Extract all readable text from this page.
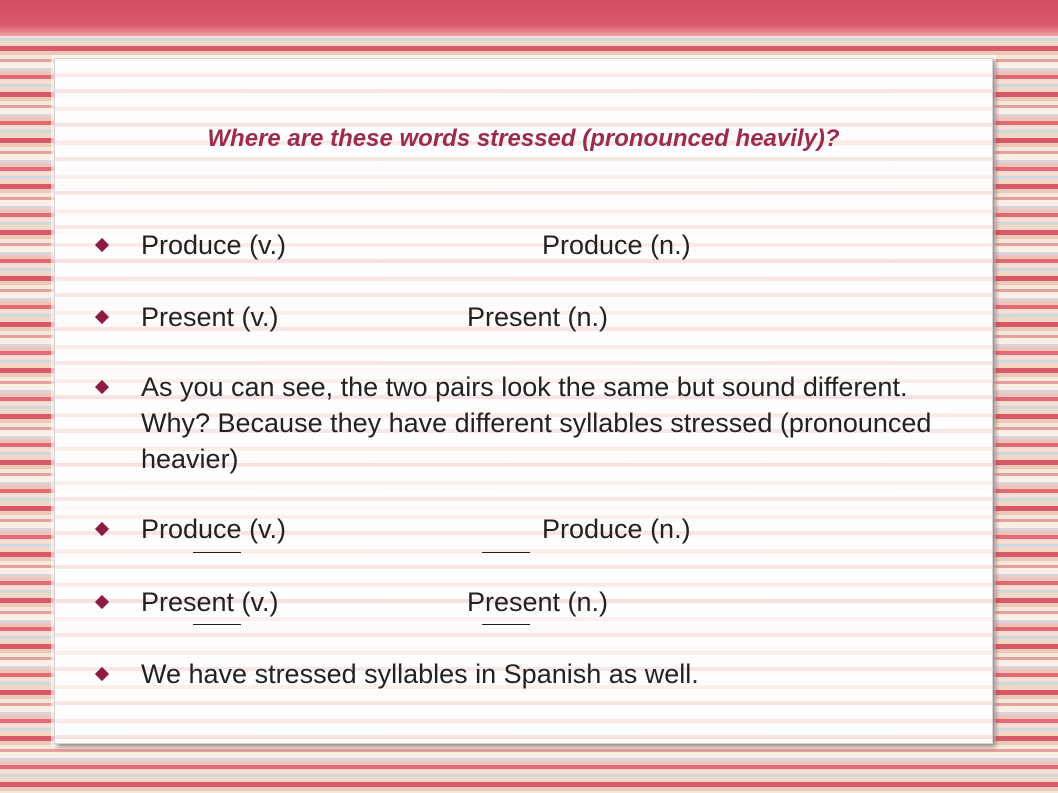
Where are these words stressed (pronounced heavily)?
Produce (v.)	Produce (n.)
Present (v.)	Present (n.)
As you can see, the two pairs look the same but sound different. Why? Because they have different syllables stressed (pronounced heavier)
Produce (v.)	Produce (n.)
Present (v.)	Present (n.)
We have stressed syllables in Spanish as well.
